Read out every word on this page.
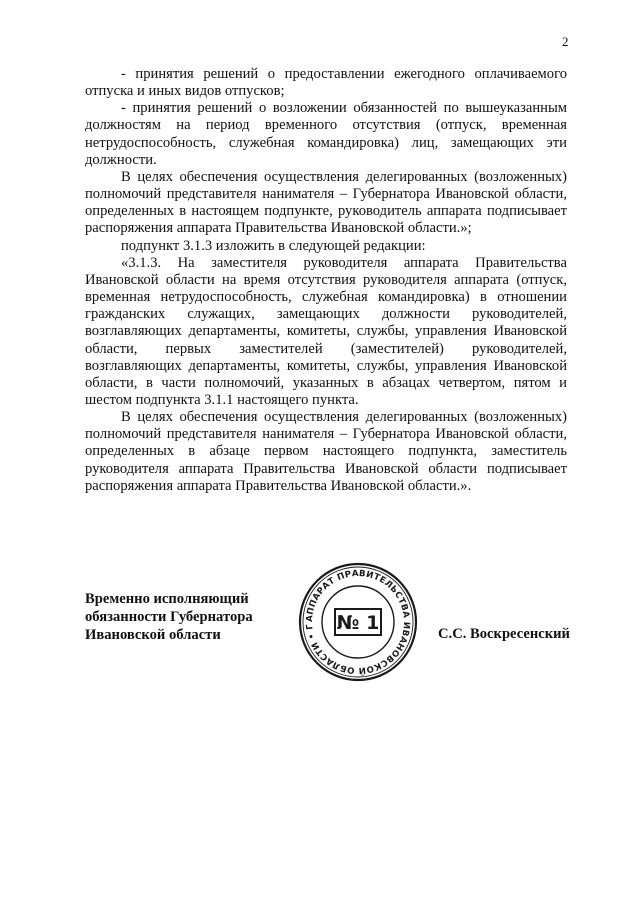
2

- принятия решений о предоставлении ежегодного оплачиваемого отпуска и иных видов отпусков;

- принятия решений о возложении обязанностей по вышеуказанным должностям на период временного отсутствия (отпуск, временная нетрудоспособность, служебная командировка) лиц, замещающих эти должности.

В целях обеспечения осуществления делегированных (возложенных) полномочий представителя нанимателя – Губернатора Ивановской области, определенных в настоящем подпункте, руководитель аппарата подписывает распоряжения аппарата Правительства Ивановской области.»;

подпункт 3.1.3 изложить в следующей редакции:

«3.1.3. На заместителя руководителя аппарата Правительства Ивановской области на время отсутствия руководителя аппарата (отпуск, временная нетрудоспособность, служебная командировка) в отношении гражданских служащих, замещающих должности руководителей, возглавляющих департаменты, комитеты, службы, управления Ивановской области, первых заместителей (заместителей) руководителей, возглавляющих департаменты, комитеты, службы, управления Ивановской области, в части полномочий, указанных в абзацах четвертом, пятом и шестом подпункта 3.1.1 настоящего пункта.

В целях обеспечения осуществления делегированных (возложенных) полномочий представителя нанимателя – Губернатора Ивановской области, определенных в абзаце первом настоящего подпункта, заместитель руководителя аппарата Правительства Ивановской области подписывает распоряжения аппарата Правительства Ивановской области.».

Временно исполняющий
обязанности Губернатора
Ивановской области
АППАРАТ ПРАВИТЕЛЬСТВА ИВАНОВСКОЙ ОБЛАСТИ • Г	№ 1	С.С. Воскресенский
